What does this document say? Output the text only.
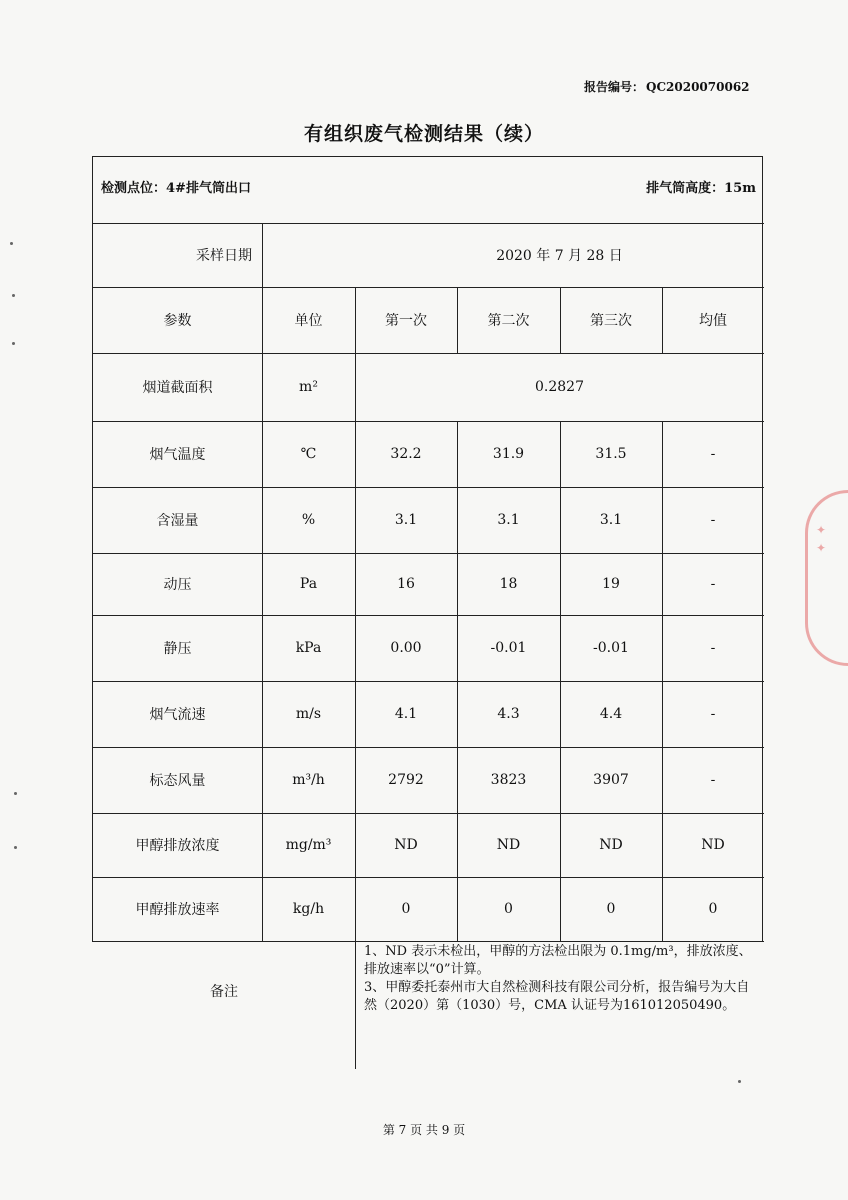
报告编号： QC2020070062
有组织废气检测结果（续）
检测点位：4#排气筒出口	排气筒高度：15m
采样日期	2020 年 7 月 28 日
参数	单位	第一次	第二次	第三次	均值
烟道截面积	m²	0.2827
烟气温度	℃	32.2	31.9	31.5	-
含湿量	%	3.1	3.1	3.1	-
动压	Pa	16	18	19	-
静压	kPa	0.00	-0.01	-0.01	-
烟气流速	m/s	4.1	4.3	4.4	-
标态风量	m³/h	2792	3823	3907	-
甲醇排放浓度	mg/m³	ND	ND	ND	ND
甲醇排放速率	kg/h	0	0	0	0
备注
1、ND 表示未检出，甲醇的方法检出限为 0.1mg/m³，排放浓度、排放速率以“0”计算。
3、甲醇委托泰州市大自然检测科技有限公司分析，报告编号为大自然（2020）第（1030）号，CMA 认证号为161012050490。
第 7 页 共 9 页
✦ ✦
